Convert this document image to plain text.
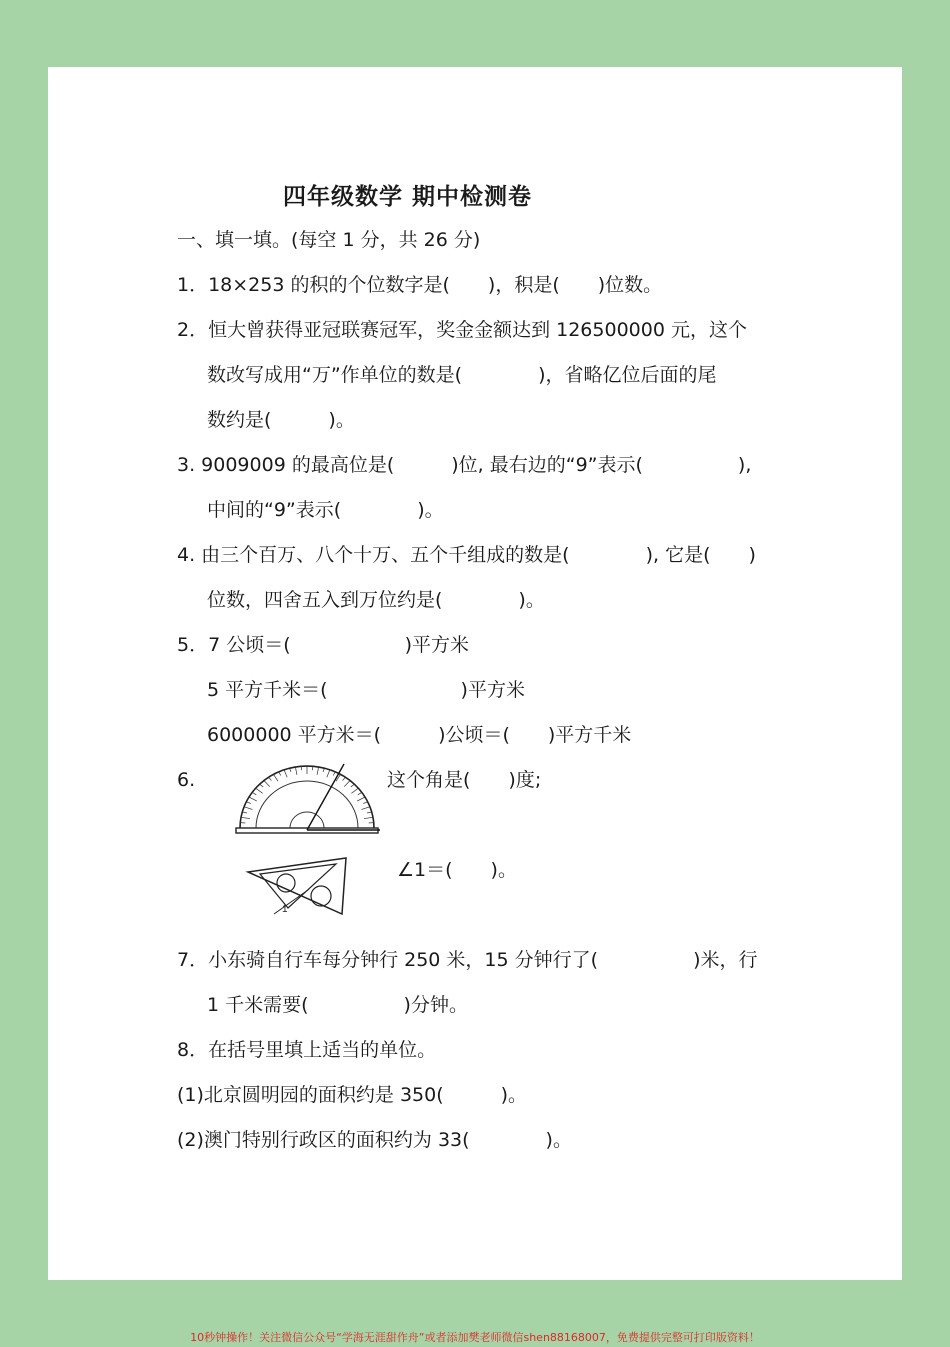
四年级数学 期中检测卷
一、填一填。(每空 1 分，共 26 分)
1．18×253 的积的个位数字是(　　)，积是(　　)位数。
2．恒大曾获得亚冠联赛冠军，奖金金额达到 126500000 元，这个
数改写成用“万”作单位的数是(　　　　)，省略亿位后面的尾
数约是(　　　)。
3. 9009009 的最高位是(　　　)位, 最右边的“9”表示(　　　　　),
中间的“9”表示(　　　　)。
4. 由三个百万、八个十万、五个千组成的数是(　　　　), 它是(　　)
位数，四舍五入到万位约是(　　　　)。
5．7 公顷＝(　　　　　　)平方米
5 平方千米＝(　　　　　　　)平方米
6000000 平方米＝(　　　)公顷＝(　　)平方千米
6.	这个角是(　　)度;
∠1＝(　　)。
1
7．小东骑自行车每分钟行 250 米，15 分钟行了(　　　　　)米，行
1 千米需要(　　　　　)分钟。
8．在括号里填上适当的单位。
(1)北京圆明园的面积约是 350(　　　)。
(2)澳门特别行政区的面积约为 33(　　　　)。
10秒钟操作！关注微信公众号“学海无涯甜作舟”或者添加樊老师微信shen88168007，免费提供完整可打印版资料！
